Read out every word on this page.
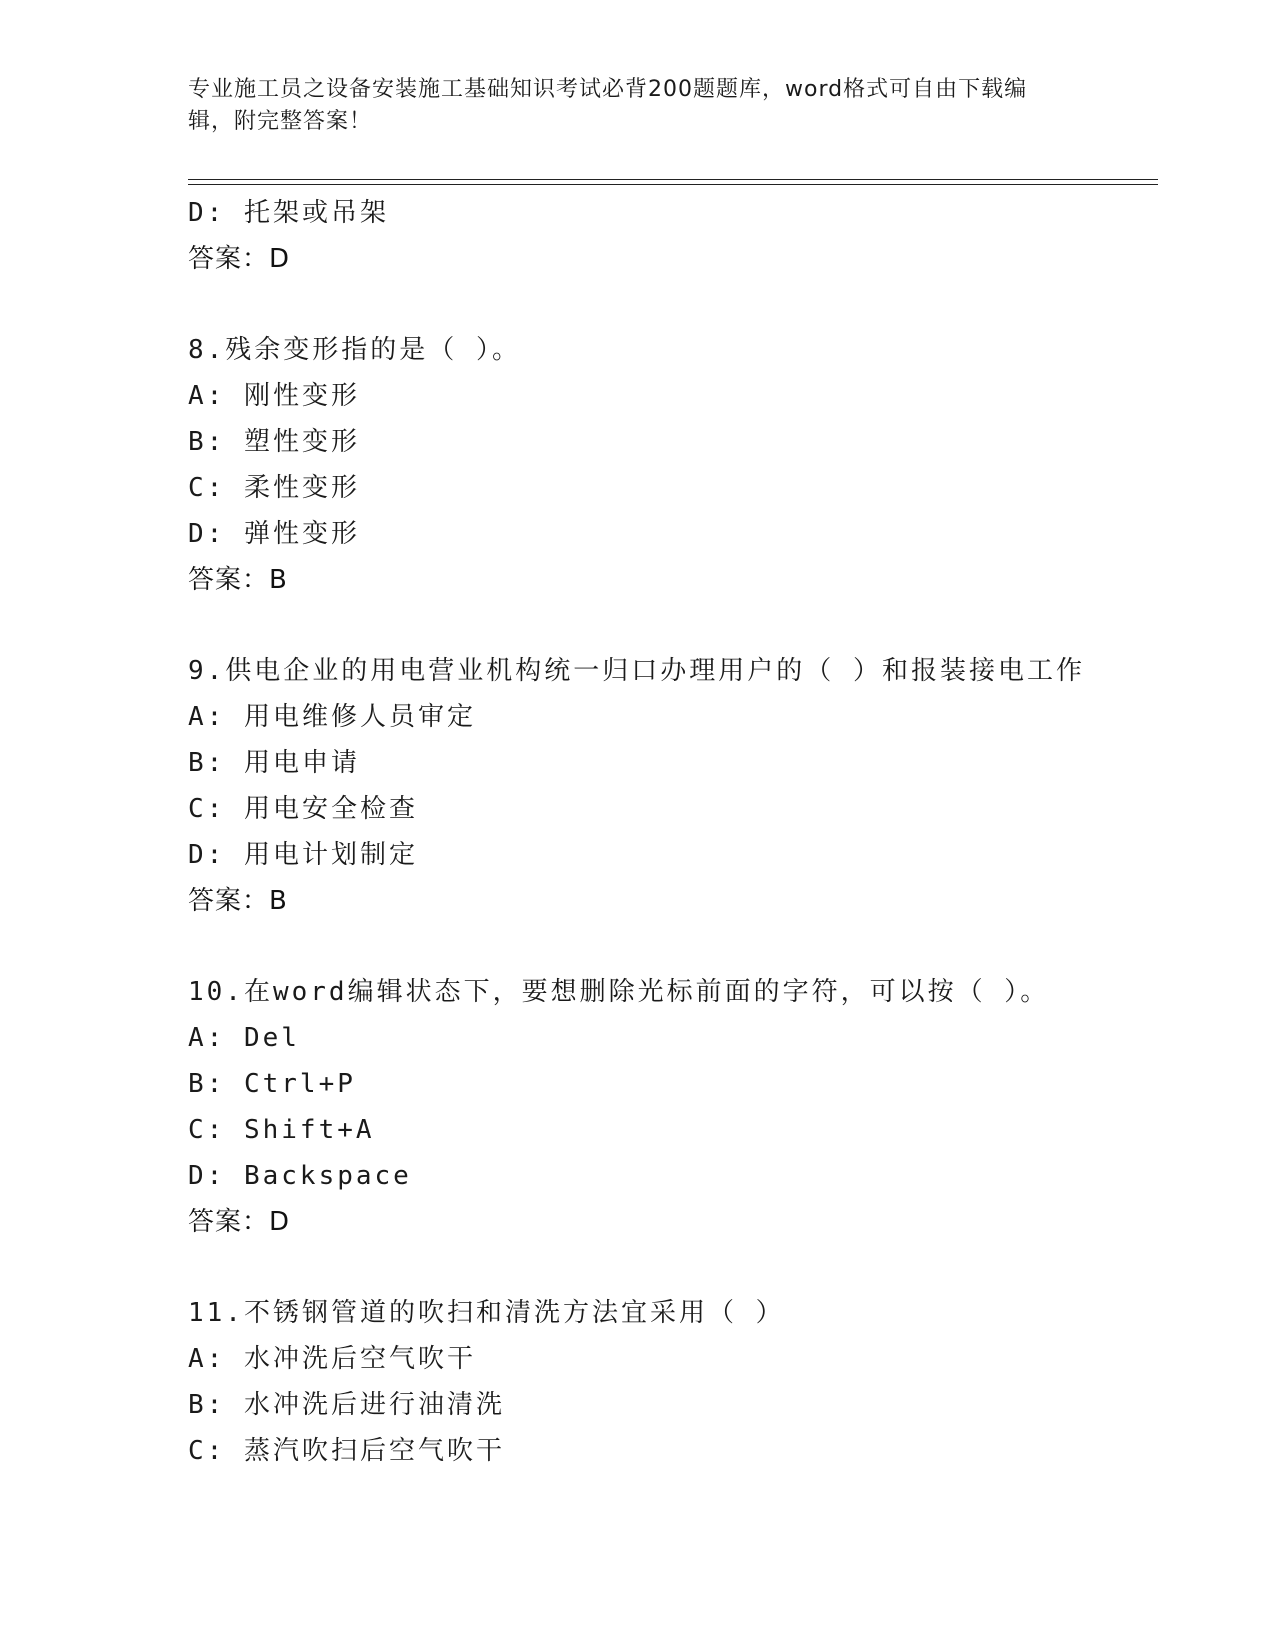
专业施工员之设备安装施工基础知识考试必背200题题库，word格式可自由下载编辑，附完整答案！
D: 托架或吊架
答案：D
8.残余变形指的是（ ）。
A: 刚性变形
B: 塑性变形
C: 柔性变形
D: 弹性变形
答案：B
9.供电企业的用电营业机构统一归口办理用户的（ ）和报装接电工作
A: 用电维修人员审定
B: 用电申请
C: 用电安全检查
D: 用电计划制定
答案：B
10.在word编辑状态下，要想删除光标前面的字符，可以按（ ）。
A: Del
B: Ctrl+P
C: Shift+A
D: Backspace
答案：D
11.不锈钢管道的吹扫和清洗方法宜采用（ ）
A: 水冲洗后空气吹干
B: 水冲洗后进行油清洗
C: 蒸汽吹扫后空气吹干
